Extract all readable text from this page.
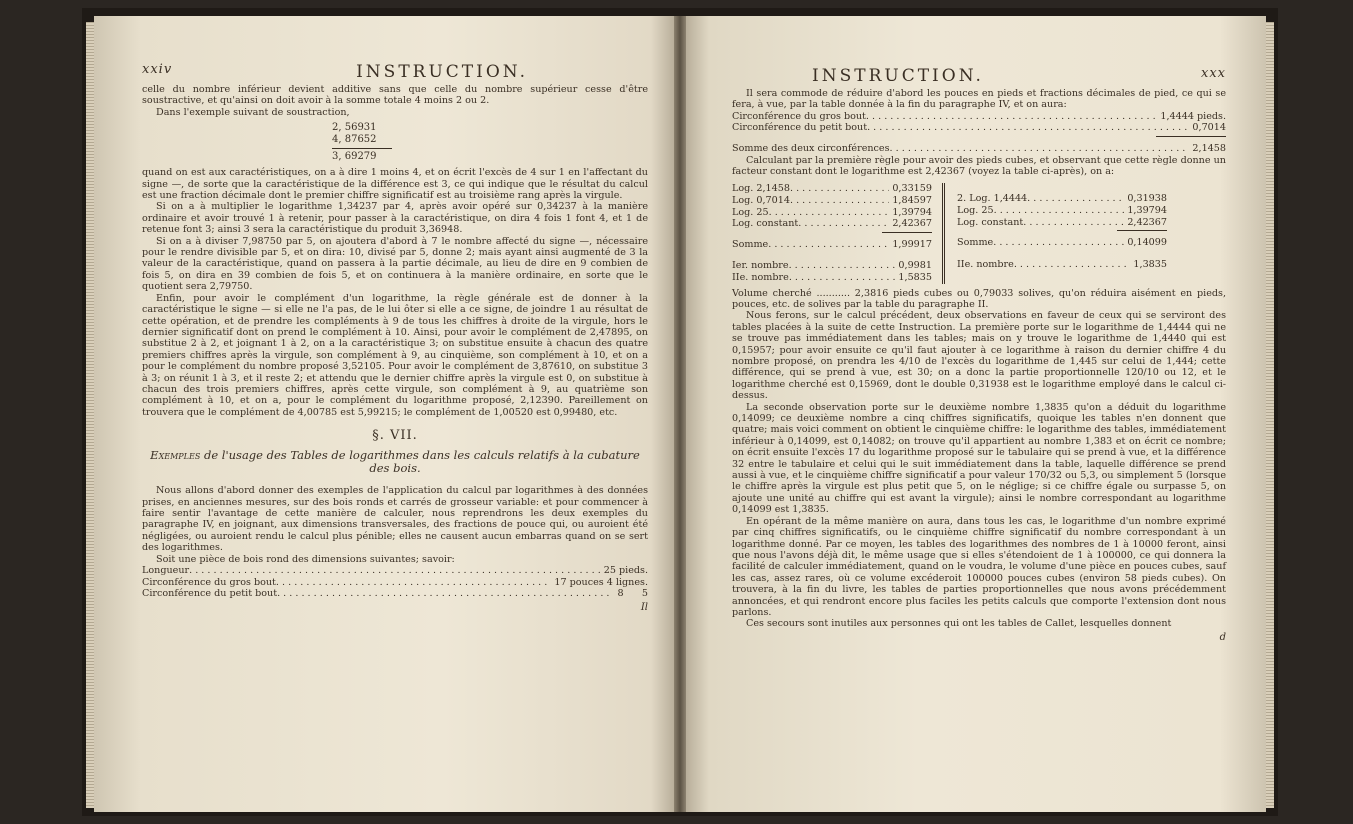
xxiv	INSTRUCTION.

celle du nombre inférieur devient additive sans que celle du nombre supérieur cesse d'être soustractive, et qu'ainsi on doit avoir à la somme totale 4 moins 2 ou 2.

Dans l'exemple suivant de soustraction,

2, 56931
4, 87652
3, 69279

quand on est aux caractéristiques, on a à dire 1 moins 4, et on écrit l'excès de 4 sur 1 en l'affectant du signe —, de sorte que la caractéristique de la différence est 3, ce qui indique que le résultat du calcul est une fraction décimale dont le premier chiffre significatif est au troisième rang après la virgule.

Si on a à multiplier le logarithme 1,34237 par 4, après avoir opéré sur 0,34237 à la manière ordinaire et avoir trouvé 1 à retenir, pour passer à la caractéristique, on dira 4 fois 1 font 4, et 1 de retenue font 3; ainsi 3 sera la caractéristique du produit 3,36948.

Si on a à diviser 7,98750 par 5, on ajoutera d'abord à 7 le nombre affecté du signe —, nécessaire pour le rendre divisible par 5, et on dira: 10, divisé par 5, donne 2; mais ayant ainsi augmenté de 3 la valeur de la caractéristique, quand on passera à la partie décimale, au lieu de dire en 9 combien de fois 5, on dira en 39 combien de fois 5, et on continuera à la manière ordinaire, en sorte que le quotient sera 2,79750.

Enfin, pour avoir le complément d'un logarithme, la règle générale est de donner à la caractéristique le signe — si elle ne l'a pas, de le lui ôter si elle a ce signe, de joindre 1 au résultat de cette opération, et de prendre les compléments à 9 de tous les chiffres à droite de la virgule, hors le dernier significatif dont on prend le complément à 10. Ainsi, pour avoir le complément de 2,47895, on substitue 2 à 2, et joignant 1 à 2, on a la caractéristique 3; on substitue ensuite à chacun des quatre premiers chiffres après la virgule, son complément à 9, au cinquième, son complément à 10, et on a pour le complément du nombre proposé 3,52105. Pour avoir le complément de 3,87610, on substitue 3 à 3; on réunit 1 à 3, et il reste 2; et attendu que le dernier chiffre après la virgule est 0, on substitue à chacun des trois premiers chiffres, après cette virgule, son complément à 9, au quatrième son complément à 10, et on a, pour le complément du logarithme proposé, 2,12390. Pareillement on trouvera que le complément de 4,00785 est 5,99215; le complément de 1,00520 est 0,99480, etc.

§. VII.
Exemples de l'usage des Tables de logarithmes dans les calculs relatifs à la cubature des bois.

Nous allons d'abord donner des exemples de l'application du calcul par logarithmes à des données prises, en anciennes mesures, sur des bois ronds et carrés de grosseur variable: et pour commencer à faire sentir l'avantage de cette manière de calculer, nous reprendrons les deux exemples du paragraphe IV, en joignant, aux dimensions transversales, des fractions de pouce qui, ou auroient été négligées, ou auroient rendu le calcul plus pénible; elles ne causent aucun embarras quand on se sert des logarithmes.

Soit une pièce de bois rond des dimensions suivantes; savoir:

Longueur . . .	25 pieds.
Circonférence du gros bout . . .	17 pouces 4 lignes.
Circonférence du petit bout . . .	8      5
Il
INSTRUCTION.	xxx

Il sera commode de réduire d'abord les pouces en pieds et fractions décimales de pied, ce qui se fera, à vue, par la table donnée à la fin du paragraphe IV, et on aura:

Circonférence du gros bout . . .	1,4444 pieds.
Circonférence du petit bout . . .	0,7014
Somme des deux circonférences . . .	2,1458

Calculant par la première règle pour avoir des pieds cubes, et observant que cette règle donne un facteur constant dont le logarithme est 2,42367 (voyez la table ci-après), on a:

Log. 2,1458 . . .	0,33159
Log. 0,7014 . . .	1,84597
Log. 25 . . .	1,39794
Log. constant . . .	2,42367
Somme . . .	1,99917
Ier. nombre . . .	0,9981
IIe. nombre . . .	1,5835
2. Log. 1,4444 . . .	0,31938
Log. 25 . . .	1,39794
Log. constant . . .	2,42367
Somme . . .	0,14099
IIe. nombre . . .	1,3835

Volume cherché ........... 2,3816 pieds cubes ou 0,79033 solives, qu'on réduira aisément en pieds, pouces, etc. de solives par la table du paragraphe II.

Nous ferons, sur le calcul précédent, deux observations en faveur de ceux qui se serviront des tables placées à la suite de cette Instruction. La première porte sur le logarithme de 1,4444 qui ne se trouve pas immédiatement dans les tables; mais on y trouve le logarithme de 1,4440 qui est 0,15957; pour avoir ensuite ce qu'il faut ajouter à ce logarithme à raison du dernier chiffre 4 du nombre proposé, on prendra les 4/10 de l'excès du logarithme de 1,445 sur celui de 1,444; cette différence, qui se prend à vue, est 30; on a donc la partie proportionnelle 120/10 ou 12, et le logarithme cherché est 0,15969, dont le double 0,31938 est le logarithme employé dans le calcul ci-dessus.

La seconde observation porte sur le deuxième nombre 1,3835 qu'on a déduit du logarithme 0,14099; ce deuxième nombre a cinq chiffres significatifs, quoique les tables n'en donnent que quatre; mais voici comment on obtient le cinquième chiffre: le logarithme des tables, immédiatement inférieur à 0,14099, est 0,14082; on trouve qu'il appartient au nombre 1,383 et on écrit ce nombre; on écrit ensuite l'excès 17 du logarithme proposé sur le tabulaire qui se prend à vue, et la différence 32 entre le tabulaire et celui qui le suit immédiatement dans la table, laquelle différence se prend aussi à vue, et le cinquième chiffre significatif a pour valeur 170/32 ou 5,3, ou simplement 5 (lorsque le chiffre après la virgule est plus petit que 5, on le néglige; si ce chiffre égale ou surpasse 5, on ajoute une unité au chiffre qui est avant la virgule); ainsi le nombre correspondant au logarithme 0,14099 est 1,3835.

En opérant de la même manière on aura, dans tous les cas, le logarithme d'un nombre exprimé par cinq chiffres significatifs, ou le cinquième chiffre significatif du nombre correspondant à un logarithme donné. Par ce moyen, les tables des logarithmes des nombres de 1 à 10000 feront, ainsi que nous l'avons déjà dit, le même usage que si elles s'étendoient de 1 à 100000, ce qui donnera la facilité de calculer immédiatement, quand on le voudra, le volume d'une pièce en pouces cubes, sauf les cas, assez rares, où ce volume excéderoit 100000 pouces cubes (environ 58 pieds cubes). On trouvera, à la fin du livre, les tables de parties proportionnelles que nous avons précédemment annoncées, et qui rendront encore plus faciles les petits calculs que comporte l'extension dont nous parlons.

Ces secours sont inutiles aux personnes qui ont les tables de Callet, lesquelles donnent

d
